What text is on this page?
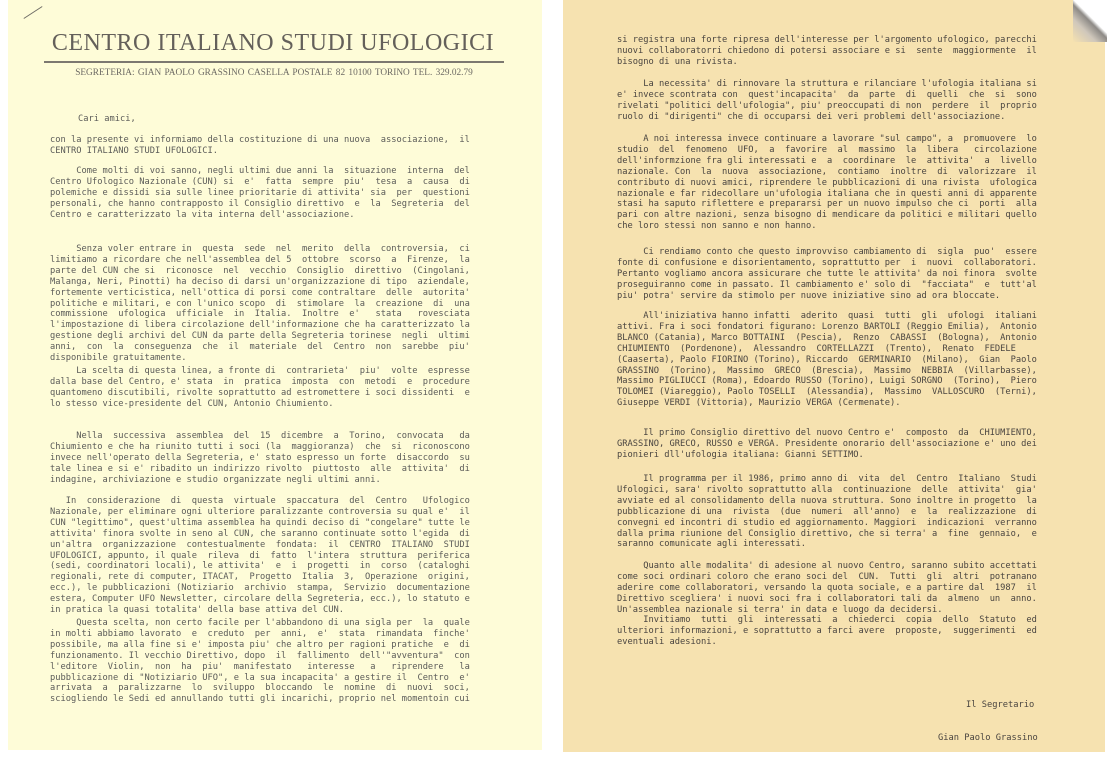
CENTRO ITALIANO STUDI UFOLOGICI
SEGRETERIA: GIAN PAOLO GRASSINO CASELLA POSTALE 82 10100 TORINO TEL. 329.02.79
Cari amici,
con la presente vi informiamo della costituzione di una nuova  associazione,  il
CENTRO ITALIANO STUDI UFOLOGICI.
Come molti di voi sanno, negli ultimi due anni la  situazione  interna  del
Centro Ufologico Nazionale (CUN) si  e'  fatta  sempre  piu'  tesa  a  causa  di
polemiche e dissidi sia sulle linee prioritarie di attivita' sia  per  questioni
personali, che hanno contrapposto il Consiglio direttivo  e  la  Segreteria  del
Centro e caratterizzato la vita interna dell'associazione.
Senza voler entrare in  questa  sede  nel  merito  della  controversia,  ci
limitiamo a ricordare che nell'assemblea del 5  ottobre  scorso  a  Firenze,  la
parte del CUN che si  riconosce  nel  vecchio  Consiglio  direttivo  (Cingolani,
Malanga, Neri, Pinotti) ha deciso di darsi un'organizzazione di tipo  aziendale,
fortemente verticistica, nell'ottica di porsi come contraltare  delle  autorita'
politiche e militari, e con l'unico scopo  di  stimolare  la  creazione  di  una
commissione  ufologica  ufficiale  in  Italia.  Inoltre  e'   stata   rovesciata
l'impostazione di libera circolazione dell'informazione che ha caratterizzato la
gestione degli archivi del CUN da parte della Segreteria torinese  negli  ultimi
anni,  con  la  conseguenza  che  il  materiale  del  Centro  non  sarebbe  piu'
disponibile gratuitamente.
La scelta di questa linea, a fronte di  contrarieta'  piu'  volte  espresse
dalla base del Centro, e' stata  in  pratica  imposta  con  metodi  e  procedure
quantomeno discutibili, rivolte soprattutto ad estromettere i soci dissidenti  e
lo stesso vice-presidente del CUN, Antonio Chiumiento.
Nella  successiva  assemblea  del  15  dicembre  a  Torino,  convocata   da
Chiumiento e che ha riunito tutti i soci (la  maggioranza)  che  si  riconoscono
invece nell'operato della Segreteria, e' stato espresso un forte  disaccordo  su
tale linea e si e' ribadito un indirizzo rivolto  piuttosto  alle  attivita'  di
indagine, archiviazione e studio organizzate negli ultimi anni.
In  considerazione  di  questa  virtuale  spaccatura  del  Centro   Ufologico
Nazionale, per eliminare ogni ulteriore paralizzante controversia su qual e'  il
CUN "legittimo", quest'ultima assemblea ha quindi deciso di "congelare" tutte le
attivita' finora svolte in seno al CUN, che saranno continuate sotto l'egida  di
un'altra  organizzazione  contestualmente  fondata:  il  CENTRO  ITALIANO  STUDI
UFOLOGICI, appunto, il quale  rileva  di  fatto  l'intera  struttura  periferica
(sedi, coordinatori locali), le attivita'  e  i  progetti  in  corso  (cataloghi
regionali, rete di computer, ITACAT,  Progetto  Italia  3,  Operazione  origini,
ecc.), le pubblicazioni (Notiziario  archivio  stampa,  Servizio  documentazione
estera, Computer UFO Newsletter, circolare della Segreteria, ecc.), lo statuto e
in pratica la quasi totalita' della base attiva del CUN.
Questa scelta, non certo facile per l'abbandono di una sigla per  la  quale
in molti abbiamo lavorato  e  creduto  per  anni,  e'  stata  rimandata  finche'
possibile, ma alla fine si e' imposta piu' che altro per ragioni pratiche  e  di
funzionamento. Il vecchio Direttivo, dopo  il  fallimento  dell'"avventura"  con
l'editore  Violin,  non  ha  piu'  manifestato   interesse   a   riprendere   la
pubblicazione di "Notiziario UFO", e la sua incapacita' a gestire il  Centro  e'
arrivata  a  paralizzarne  lo  sviluppo  bloccando  le  nomine  di  nuovi  soci,
sciogliendo le Sedi ed annullando tutti gli incarichi, proprio nel momentoin cui
si registra una forte ripresa dell'interesse per l'argomento ufologico, parecchi
nuovi collaboratorri chiedono di potersi associare e si  sente  maggiormente  il
bisogno di una rivista.
La necessita' di rinnovare la struttura e rilanciare l'ufologia italiana si
e' invece scontrata con  quest'incapacita'  da  parte  di  quelli  che  si  sono
rivelati "politici dell'ufologia", piu' preoccupati di non  perdere  il  proprio
ruolo di "dirigenti" che di occuparsi dei veri problemi dell'associazione.
A noi interessa invece continuare a lavorare "sul campo", a  promuovere  lo
studio  del  fenomeno  UFO,  a  favorire  al  massimo  la  libera   circolazione
dell'informzione fra gli interessati e  a  coordinare  le  attivita'  a  livello
nazionale. Con  la  nuova  associazione,  contiamo  inoltre  di  valorizzare  il
contributo di nuovi amici, riprendere le pubblicazioni di una rivista  ufologica
nazionale e far ridecollare un'ufologia italiana che in questi anni di apparente
stasi ha saputo riflettere e prepararsi per un nuovo impulso che ci  porti  alla
pari con altre nazioni, senza bisogno di mendicare da politici e militari quello
che loro stessi non sanno e non hanno.
Ci rendiamo conto che questo improvviso cambiamento di  sigla  puo'  essere
fonte di confusione e disorientamento, soprattutto per  i  nuovi  collaboratori.
Pertanto vogliamo ancora assicurare che tutte le attivita' da noi finora  svolte
proseguiranno come in passato. Il cambiamento e' solo di  "facciata"  e  tutt'al
piu' potra' servire da stimolo per nuove iniziative sino ad ora bloccate.
All'iniziativa hanno infatti  aderito  quasi  tutti  gli  ufologi  italiani
attivi. Fra i soci fondatori figurano: Lorenzo BARTOLI (Reggio Emilia),  Antonio
BLANCO (Catania), Marco BOTTAINI  (Pescia),  Renzo  CABASSI  (Bologna),  Antonio
CHIUMIENTO  (Pordenone),  Alessandro  CORTELLAZZI  (Trento),  Renato  FEDELE
(Caaserta), Paolo FIORINO (Torino), Riccardo  GERMINARIO  (Milano),  Gian  Paolo
GRASSINO  (Torino),  Massimo  GRECO  (Brescia),  Massimo  NEBBIA  (Villarbasse),
Massimo PIGLIUCCI (Roma), Edoardo RUSSO (Torino), Luigi SORGNO  (Torino),  Piero
TOLOMEI (Viareggio), Paolo TOSELLI  (Alessandia),  Massimo  VALLOSCURO  (Terni),
Giuseppe VERDI (Vittoria), Maurizio VERGA (Cermenate).
Il primo Consiglio direttivo del nuovo Centro e'  composto  da  CHIUMIENTO,
GRASSINO, GRECO, RUSSO e VERGA. Presidente onorario dell'associazione e' uno dei
pionieri dll'ufologia italiana: Gianni SETTIMO.
Il programma per il 1986, primo anno di  vita  del  Centro  Italiano  Studi
Ufologici, sara' rivolto soprattutto alla  continuazione  delle  attivita'  gia'
avviate ed al consolidamento della nuova struttura. Sono inoltre in progetto  la
pubblicazione di una  rivista  (due  numeri  all'anno)  e  la  realizzazione  di
convegni ed incontri di studio ed aggiornamento. Maggiori  indicazioni  verranno
dalla prima riunione del Consiglio direttivo, che si terra' a  fine  gennaio,  e
saranno comunicate agli interessati.
Quanto alle modalita' di adesione al nuovo Centro, saranno subito accettati
come soci ordinari coloro che erano soci del  CUN.  Tutti  gli  altri  potranano
aderire come collaboratori, versando la quota sociale, e a partire dal  1987  il
Direttivo scegliera' i nuovi soci fra i collaboratori tali da  almeno  un  anno.
Un'assemblea nazionale si terra' in data e luogo da decidersi.
Invitiamo  tutti  gli  interessati  a  chiederci  copia  dello  Statuto  ed
ulteriori informazioni, e soprattutto a farci avere  proposte,  suggerimenti  ed
eventuali adesioni.

Il Segretario

Gian Paolo Grassino
